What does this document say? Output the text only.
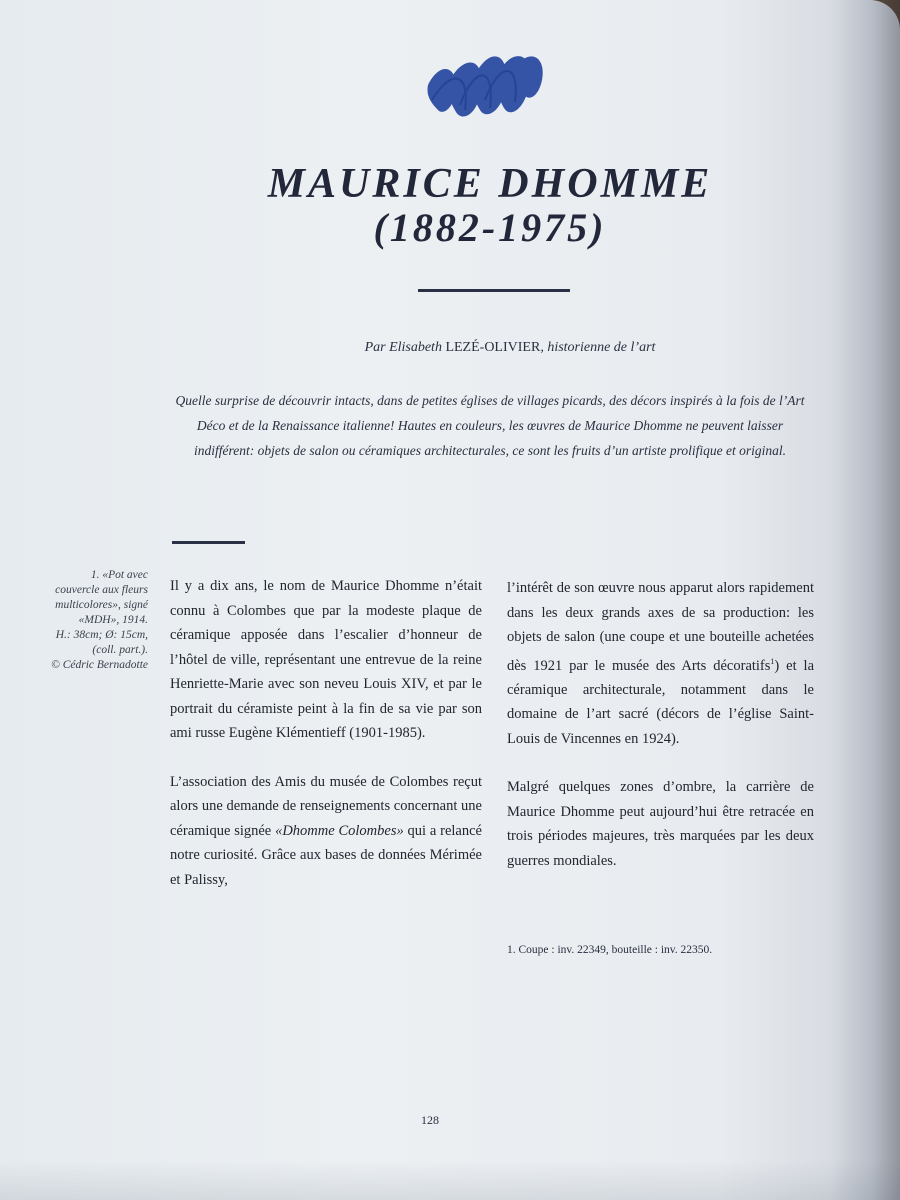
MAURICE DHOMME
(1882-1975)
Par Elisabeth LEZÉ-OLIVIER, historienne de l’art

Quelle surprise de découvrir intacts, dans de petites églises de villages picards, des décors inspirés à la fois de l’Art Déco et de la Renaissance italienne! Hautes en couleurs, les œuvres de Maurice Dhomme ne peuvent laisser indifférent: objets de salon ou céramiques architecturales, ce sont les fruits d’un artiste prolifique et original.

1. «Pot avec
couvercle aux fleurs
multicolores», signé
«MDH», 1914.
H.: 38cm; Ø: 15cm,
(coll. part.).
© Cédric Bernadotte

Il y a dix ans, le nom de Maurice Dhomme n’était connu à Colombes que par la modeste plaque de céramique apposée dans l’escalier d’honneur de l’hôtel de ville, représentant une entrevue de la reine Henriette-Marie avec son neveu Louis XIV, et par le portrait du céramiste peint à la fin de sa vie par son ami russe Eugène Klémentieff (1901-1985).

L’association des Amis du musée de Colombes reçut alors une demande de renseignements concernant une céramique signée «Dhomme Colombes» qui a relancé notre curiosité. Grâce aux bases de données Mérimée et Palissy,

l’intérêt de son œuvre nous apparut alors rapidement dans les deux grands axes de sa production: les objets de salon (une coupe et une bouteille achetées dès 1921 par le musée des Arts décoratifs$^1$) et la céramique architecturale, notamment dans le domaine de l’art sacré (décors de l’église Saint-Louis de Vincennes en 1924).

Malgré quelques zones d’ombre, la carrière de Maurice Dhomme peut aujourd’hui être retracée en trois périodes majeures, très marquées par les deux guerres mondiales.

1. Coupe : inv. 22349, bouteille : inv. 22350.
128
